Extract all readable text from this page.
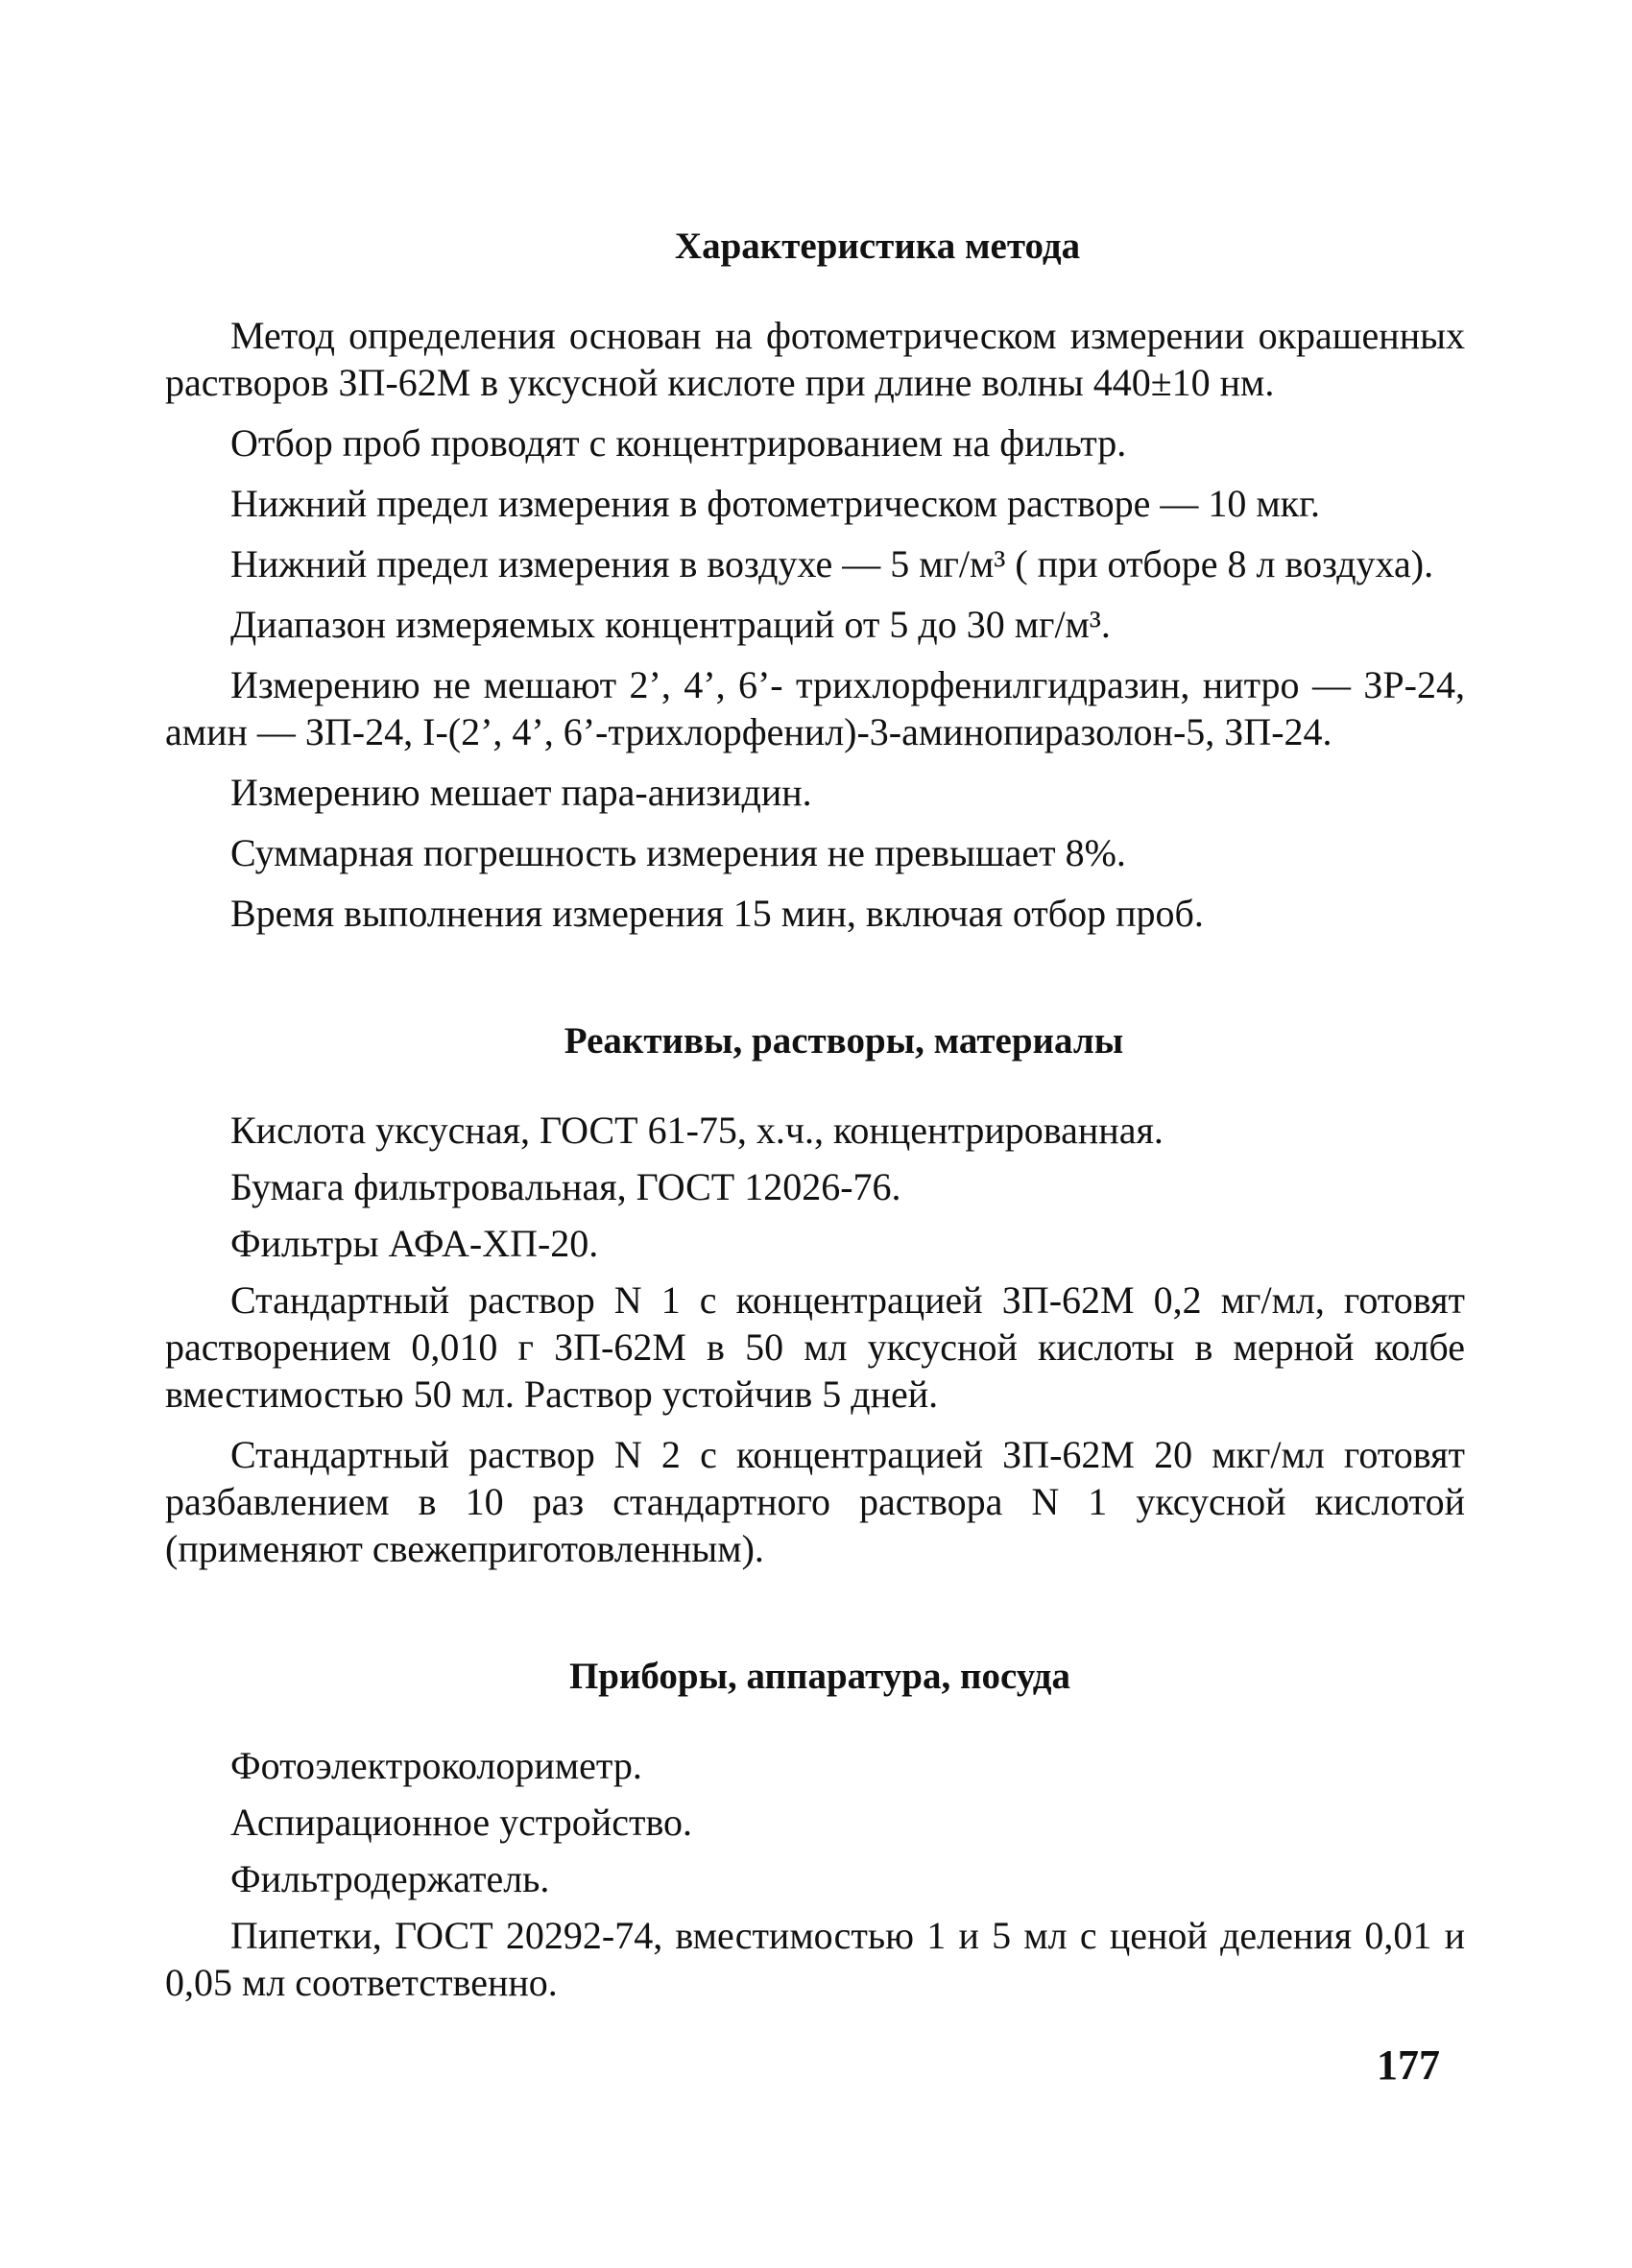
Характеристика метода

Метод определения основан на фотометрическом измерении окрашенных растворов ЗП-62М в уксусной кислоте при длине волны 440±10 нм.

Отбор проб проводят с концентрированием на фильтр.

Нижний предел измерения в фотометрическом растворе — 10 мкг.

Нижний предел измерения в воздухе — 5 мг/м³ ( при отборе 8 л воздуха).

Диапазон измеряемых концентраций от 5 до 30 мг/м³.

Измерению не мешают 2’, 4’, 6’- трихлорфенилгидразин, нитро — ЗР-24, амин — ЗП-24, I-(2’, 4’, 6’-трихлорфенил)-3-аминопиразолон-5, ЗП-24.

Измерению мешает пара-анизидин.

Суммарная погрешность измерения не превышает 8%.

Время выполнения измерения 15 мин, включая отбор проб.

Реактивы, растворы, материалы

Кислота уксусная, ГОСТ 61-75, х.ч., концентрированная.

Бумага фильтровальная, ГОСТ 12026-76.

Фильтры АФА-ХП-20.

Стандартный раствор N 1 с концентрацией ЗП-62М 0,2 мг/мл, готовят растворением 0,010 г ЗП-62М в 50 мл уксусной кислоты в мерной колбе вместимостью 50 мл. Раствор устойчив 5 дней.

Стандартный раствор N 2 с концентрацией ЗП-62М 20 мкг/мл готовят разбавлением в 10 раз стандартного раствора N 1 уксусной кислотой (применяют свежеприготовленным).

Приборы, аппаратура, посуда

Фотоэлектроколориметр.

Аспирационное устройство.

Фильтродержатель.

Пипетки, ГОСТ 20292-74, вместимостью 1 и 5 мл с ценой деления 0,01 и 0,05 мл соответственно.

177
